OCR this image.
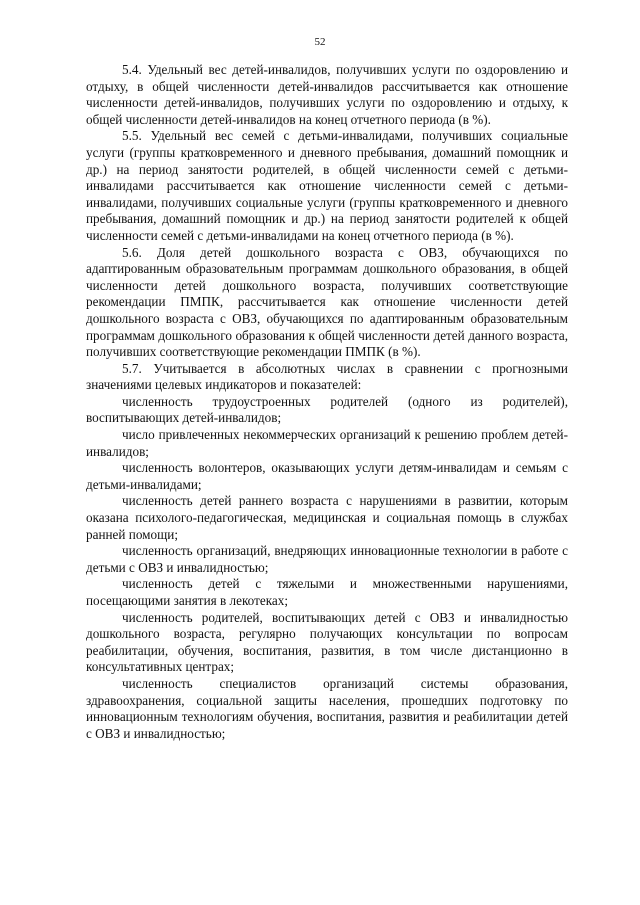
52

5.4. Удельный вес детей-инвалидов, получивших услуги по оздоровлению и отдыху, в общей численности детей-инвалидов рассчитывается как отношение численности детей-инвалидов, получивших услуги по оздоровлению и отдыху, к общей численности детей-инвалидов на конец отчетного периода (в %).

5.5. Удельный вес семей с детьми-инвалидами, получивших социальные услуги (группы кратковременного и дневного пребывания, домашний помощник и др.) на период занятости родителей, в общей численности семей с детьми-инвалидами рассчитывается как отношение численности семей с детьми-инвалидами, получивших социальные услуги (группы кратковременного и дневного пребывания, домашний помощник и др.) на период занятости родителей к общей численности семей с детьми-инвалидами на конец отчетного периода (в %).

5.6. Доля детей дошкольного возраста с ОВЗ, обучающихся по адаптированным образовательным программам дошкольного образования, в общей численности детей дошкольного возраста, получивших соответствующие рекомендации ПМПК, рассчитывается как отношение численности детей дошкольного возраста с ОВЗ, обучающихся по адаптированным образовательным программам дошкольного образования к общей численности детей данного возраста, получивших соответствующие рекомендации ПМПК (в %).

5.7. Учитывается в абсолютных числах в сравнении с прогнозными значениями целевых индикаторов и показателей:

численность трудоустроенных родителей (одного из родителей), воспитывающих детей-инвалидов;

число привлеченных некоммерческих организаций к решению проблем детей-инвалидов;

численность волонтеров, оказывающих услуги детям-инвалидам и семьям с детьми-инвалидами;

численность детей раннего возраста с нарушениями в развитии, которым оказана психолого-педагогическая, медицинская и социальная помощь в службах ранней помощи;

численность организаций, внедряющих инновационные технологии в работе с детьми с ОВЗ и инвалидностью;

численность детей с тяжелыми и множественными нарушениями, посещающими занятия в лекотеках;

численность родителей, воспитывающих детей с ОВЗ и инвалидностью дошкольного возраста, регулярно получающих консультации по вопросам реабилитации, обучения, воспитания, развития, в том числе дистанционно в консультативных центрах;

численность специалистов организаций системы образования, здравоохранения, социальной защиты населения, прошедших подготовку по инновационным технологиям обучения, воспитания, развития и реабилитации детей с ОВЗ и инвалидностью;
